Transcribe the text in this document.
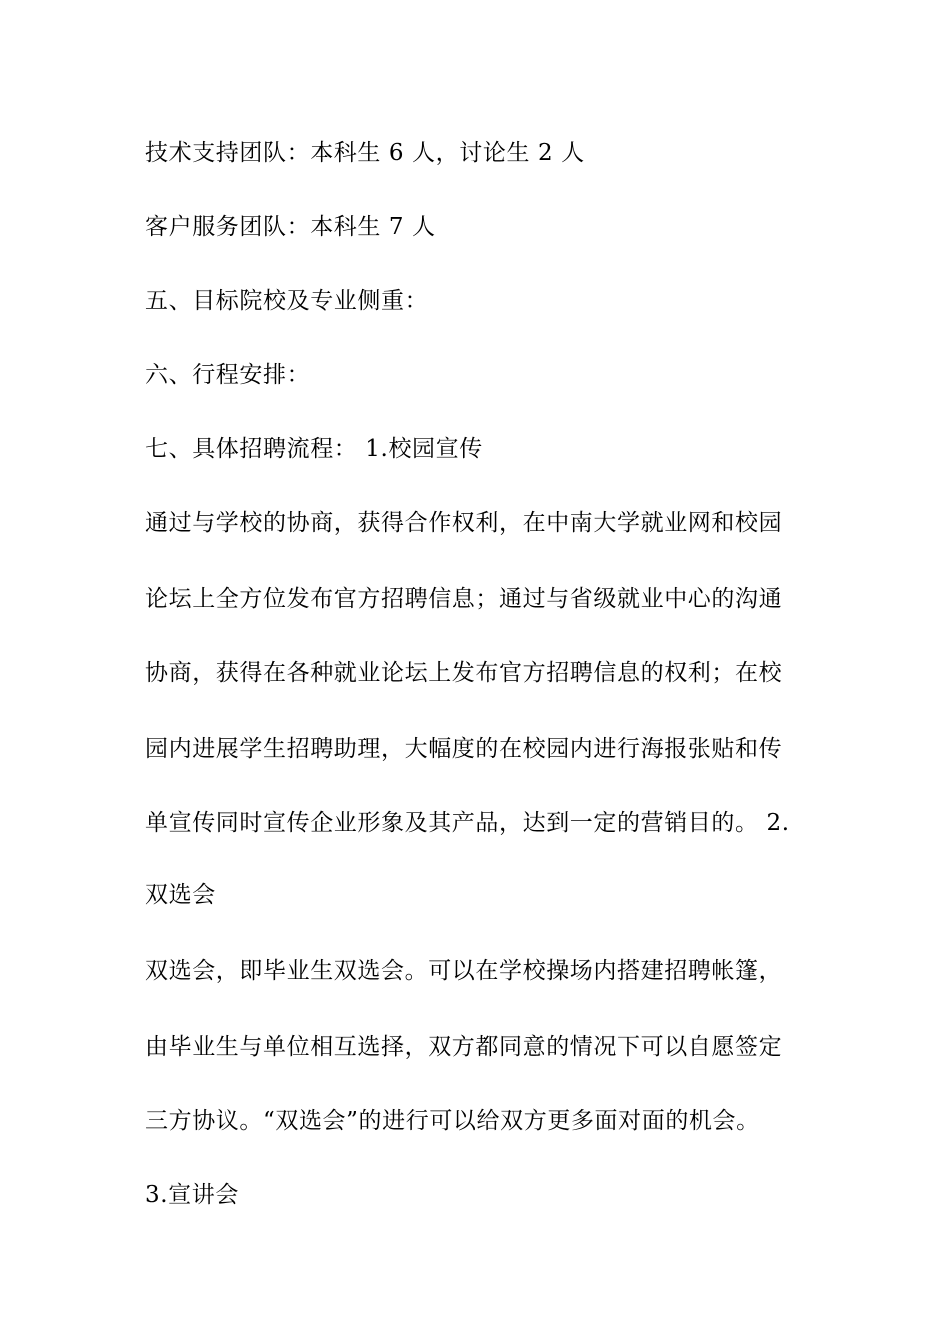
技术支持团队：本科生 6 人，讨论生 2 人
客户服务团队：本科生 7 人
五、目标院校及专业侧重：
六、行程安排：
七、具体招聘流程： 1.校园宣传
通过与学校的协商，获得合作权利，在中南大学就业网和校园
论坛上全方位发布官方招聘信息；通过与省级就业中心的沟通
协商，获得在各种就业论坛上发布官方招聘信息的权利；在校
园内进展学生招聘助理，大幅度的在校园内进行海报张贴和传
单宣传同时宣传企业形象及其产品，达到一定的营销目的。 2.
双选会
双选会，即毕业生双选会。可以在学校操场内搭建招聘帐篷，
由毕业生与单位相互选择，双方都同意的情况下可以自愿签定
三方协议。“双选会”的进行可以给双方更多面对面的机会。
3.宣讲会
